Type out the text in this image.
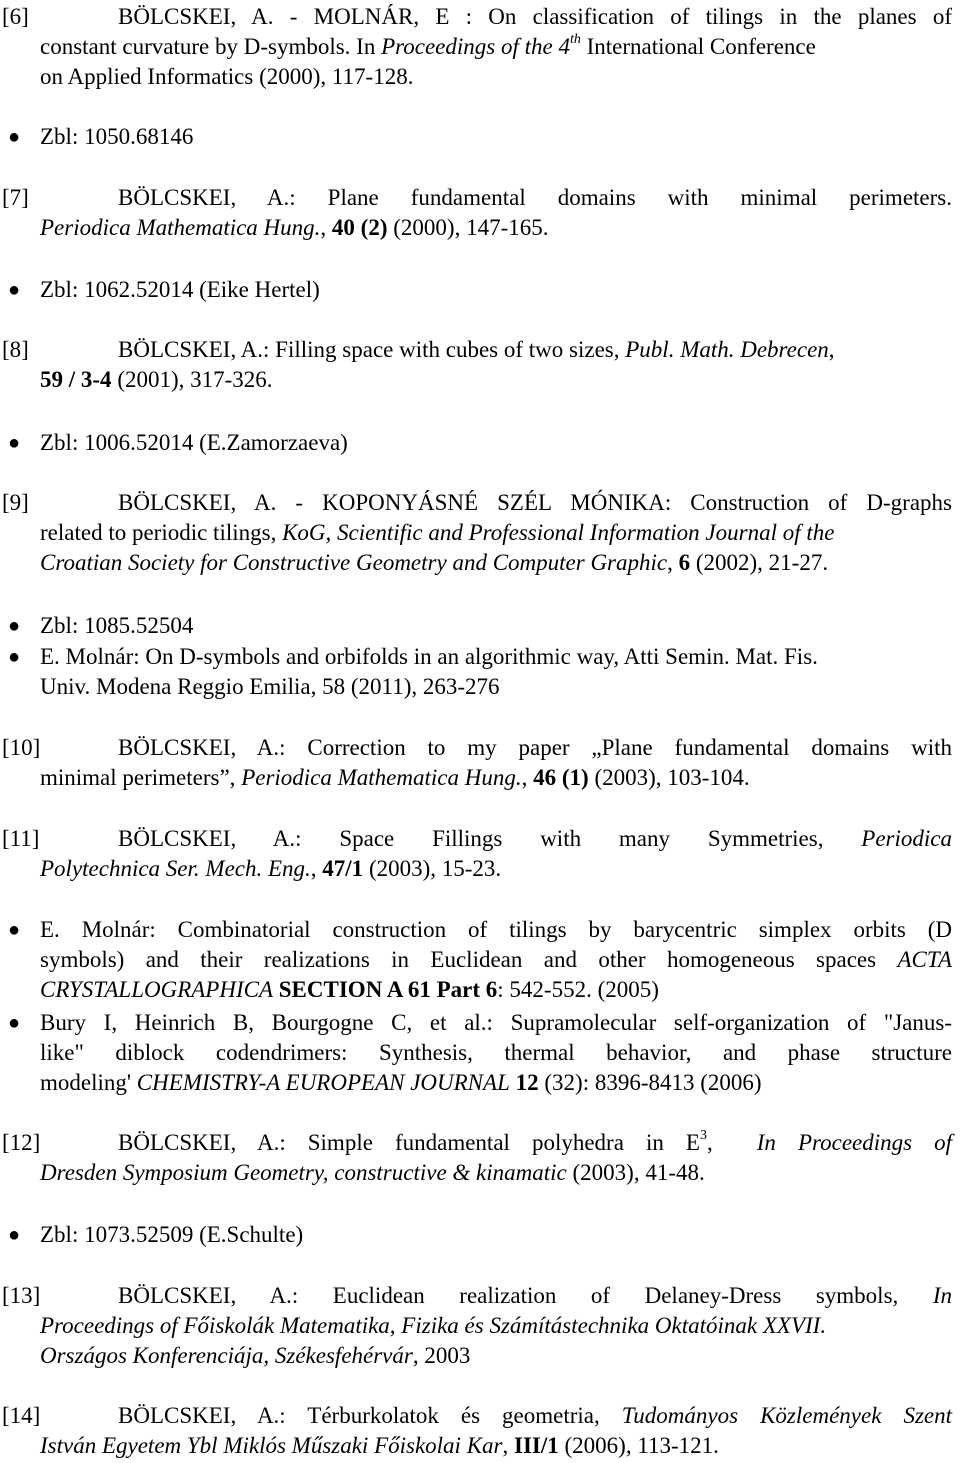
[6]	BÖLCSKEI, A. - MOLNÁR, E : On classification of tilings in the planes of
constant curvature by D-symbols. In Proceedings of the 4th International Conference
on Applied Informatics (2000), 117-128.
● Zbl: 1050.68146
[7]	BÖLCSKEI, A.: Plane fundamental domains with minimal perimeters.
Periodica Mathematica Hung., 40 (2) (2000), 147-165.
● Zbl: 1062.52014 (Eike Hertel)
[8]	BÖLCSKEI, A.: Filling space with cubes of two sizes, Publ. Math. Debrecen,
59 / 3-4 (2001), 317-326.
● Zbl: 1006.52014 (E.Zamorzaeva)
[9]	BÖLCSKEI, A. - KOPONYÁSNÉ SZÉL MÓNIKA: Construction of D-graphs
related to periodic tilings, KoG, Scientific and Professional Information Journal of the
Croatian Society for Constructive Geometry and Computer Graphic, 6 (2002), 21-27.
● Zbl: 1085.52504
● E. Molnár: On D-symbols and orbifolds in an algorithmic way, Atti Semin. Mat. Fis.
Univ. Modena Reggio Emilia, 58 (2011), 263-276
[10]	BÖLCSKEI, A.: Correction to my paper „Plane fundamental domains with
minimal perimeters”, Periodica Mathematica Hung., 46 (1) (2003), 103-104.
[11]	BÖLCSKEI, A.: Space Fillings with many Symmetries, Periodica
Polytechnica Ser. Mech. Eng., 47/1 (2003), 15-23.
● E. Molnár: Combinatorial construction of tilings by barycentric simplex orbits (D
symbols) and their realizations in Euclidean and other homogeneous spaces ACTA
CRYSTALLOGRAPHICA SECTION A 61 Part 6: 542-552. (2005)
● Bury I, Heinrich B, Bourgogne C, et al.: Supramolecular self-organization of "Janus-
like" diblock codendrimers: Synthesis, thermal behavior, and phase structure
modeling' CHEMISTRY-A EUROPEAN JOURNAL 12 (32): 8396-8413 (2006)
[12]	BÖLCSKEI, A.: Simple fundamental polyhedra in $E^3$,  In Proceedings of
Dresden Symposium Geometry, constructive & kinamatic (2003), 41-48.
● Zbl: 1073.52509 (E.Schulte)
[13]	BÖLCSKEI, A.: Euclidean realization of Delaney-Dress symbols, In
Proceedings of Főiskolák Matematika, Fizika és Számítástechnika Oktatóinak XXVII.
Országos Konferenciája, Székesfehérvár, 2003
[14]	BÖLCSKEI, A.: Térburkolatok és geometria, Tudományos Közlemények Szent
István Egyetem Ybl Miklós Műszaki Főiskolai Kar, III/1 (2006), 113-121.
